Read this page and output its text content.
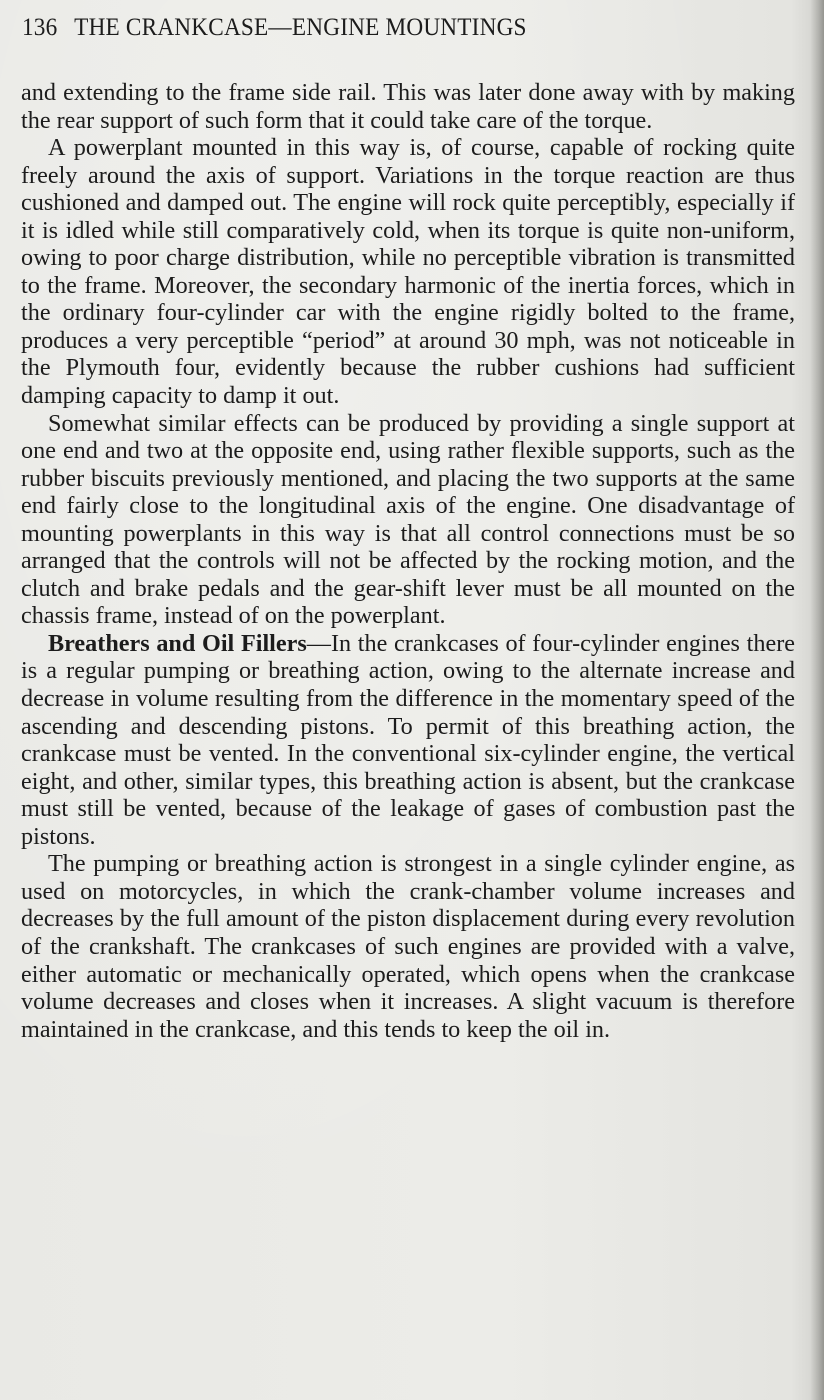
136 THE CRANKCASE—ENGINE MOUNTINGS

and extending to the frame side rail. This was later done away with by making the rear support of such form that it could take care of the torque.

A powerplant mounted in this way is, of course, capable of rocking quite freely around the axis of support. Variations in the torque reaction are thus cushioned and damped out. The engine will rock quite perceptibly, especially if it is idled while still comparatively cold, when its torque is quite non-uniform, owing to poor charge distribution, while no perceptible vibration is transmitted to the frame. Moreover, the secondary harmonic of the inertia forces, which in the ordinary four-cylinder car with the engine rigidly bolted to the frame, produces a very perceptible “period” at around 30 mph, was not noticeable in the Plymouth four, evidently because the rubber cushions had sufficient damping capacity to damp it out.

Somewhat similar effects can be produced by providing a single support at one end and two at the opposite end, using rather flexible supports, such as the rubber biscuits previously mentioned, and placing the two supports at the same end fairly close to the longitudinal axis of the engine. One disadvantage of mounting powerplants in this way is that all control connections must be so arranged that the controls will not be affected by the rocking motion, and the clutch and brake pedals and the gear-shift lever must be all mounted on the chassis frame, instead of on the powerplant.

Breathers and Oil Fillers—In the crankcases of four-cylinder engines there is a regular pumping or breathing action, owing to the alternate increase and decrease in volume resulting from the difference in the momentary speed of the ascending and descending pistons. To permit of this breathing action, the crankcase must be vented. In the conventional six-cylinder engine, the vertical eight, and other, similar types, this breathing action is absent, but the crankcase must still be vented, because of the leakage of gases of combustion past the pistons.

The pumping or breathing action is strongest in a single cylinder engine, as used on motorcycles, in which the crank-chamber volume increases and decreases by the full amount of the piston displacement during every revolution of the crankshaft. The crankcases of such engines are provided with a valve, either automatic or mechanically operated, which opens when the crankcase volume decreases and closes when it increases. A slight vacuum is therefore maintained in the crankcase, and this tends to keep the oil in.
